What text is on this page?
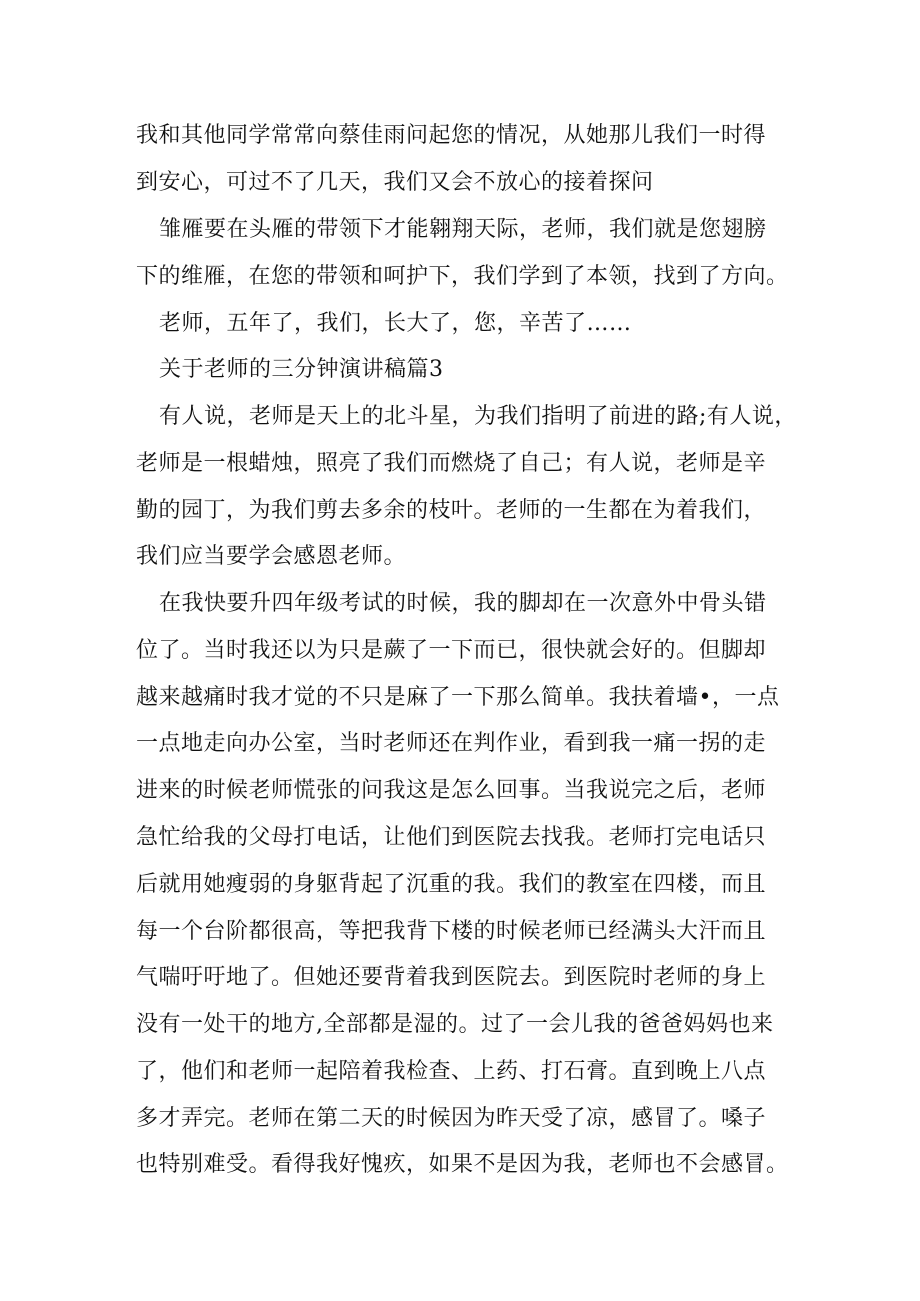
我和其他同学常常向蔡佳雨问起您的情况，从她那儿我们一时得
到安心，可过不了几天，我们又会不放心的接着探问
雏雁要在头雁的带领下才能翱翔天际，老师，我们就是您翅膀
下的维雁，在您的带领和呵护下，我们学到了本领，找到了方向。
老师，五年了，我们，长大了，您，辛苦了……
关于老师的三分钟演讲稿篇3
有人说，老师是天上的北斗星，为我们指明了前进的路;有人说，
老师是一根蜡烛，照亮了我们而燃烧了自己；有人说，老师是辛
勤的园丁，为我们剪去多余的枝叶。老师的一生都在为着我们，
我们应当要学会感恩老师。
在我快要升四年级考试的时候，我的脚却在一次意外中骨头错
位了。当时我还以为只是蕨了一下而已，很快就会好的。但脚却
越来越痛时我才觉的不只是麻了一下那么简单。我扶着墙•，一点
一点地走向办公室，当时老师还在判作业，看到我一痛一拐的走
进来的时候老师慌张的问我这是怎么回事。当我说完之后，老师
急忙给我的父母打电话，让他们到医院去找我。老师打完电话只
后就用她瘦弱的身躯背起了沉重的我。我们的教室在四楼，而且
每一个台阶都很高，等把我背下楼的时候老师已经满头大汗而且
气喘吁吁地了。但她还要背着我到医院去。到医院时老师的身上
没有一处干的地方,全部都是湿的。过了一会儿我的爸爸妈妈也来
了，他们和老师一起陪着我检查、上药、打石膏。直到晚上八点
多才弄完。老师在第二天的时候因为昨天受了凉，感冒了。嗓子
也特别难受。看得我好愧疚，如果不是因为我，老师也不会感冒。
